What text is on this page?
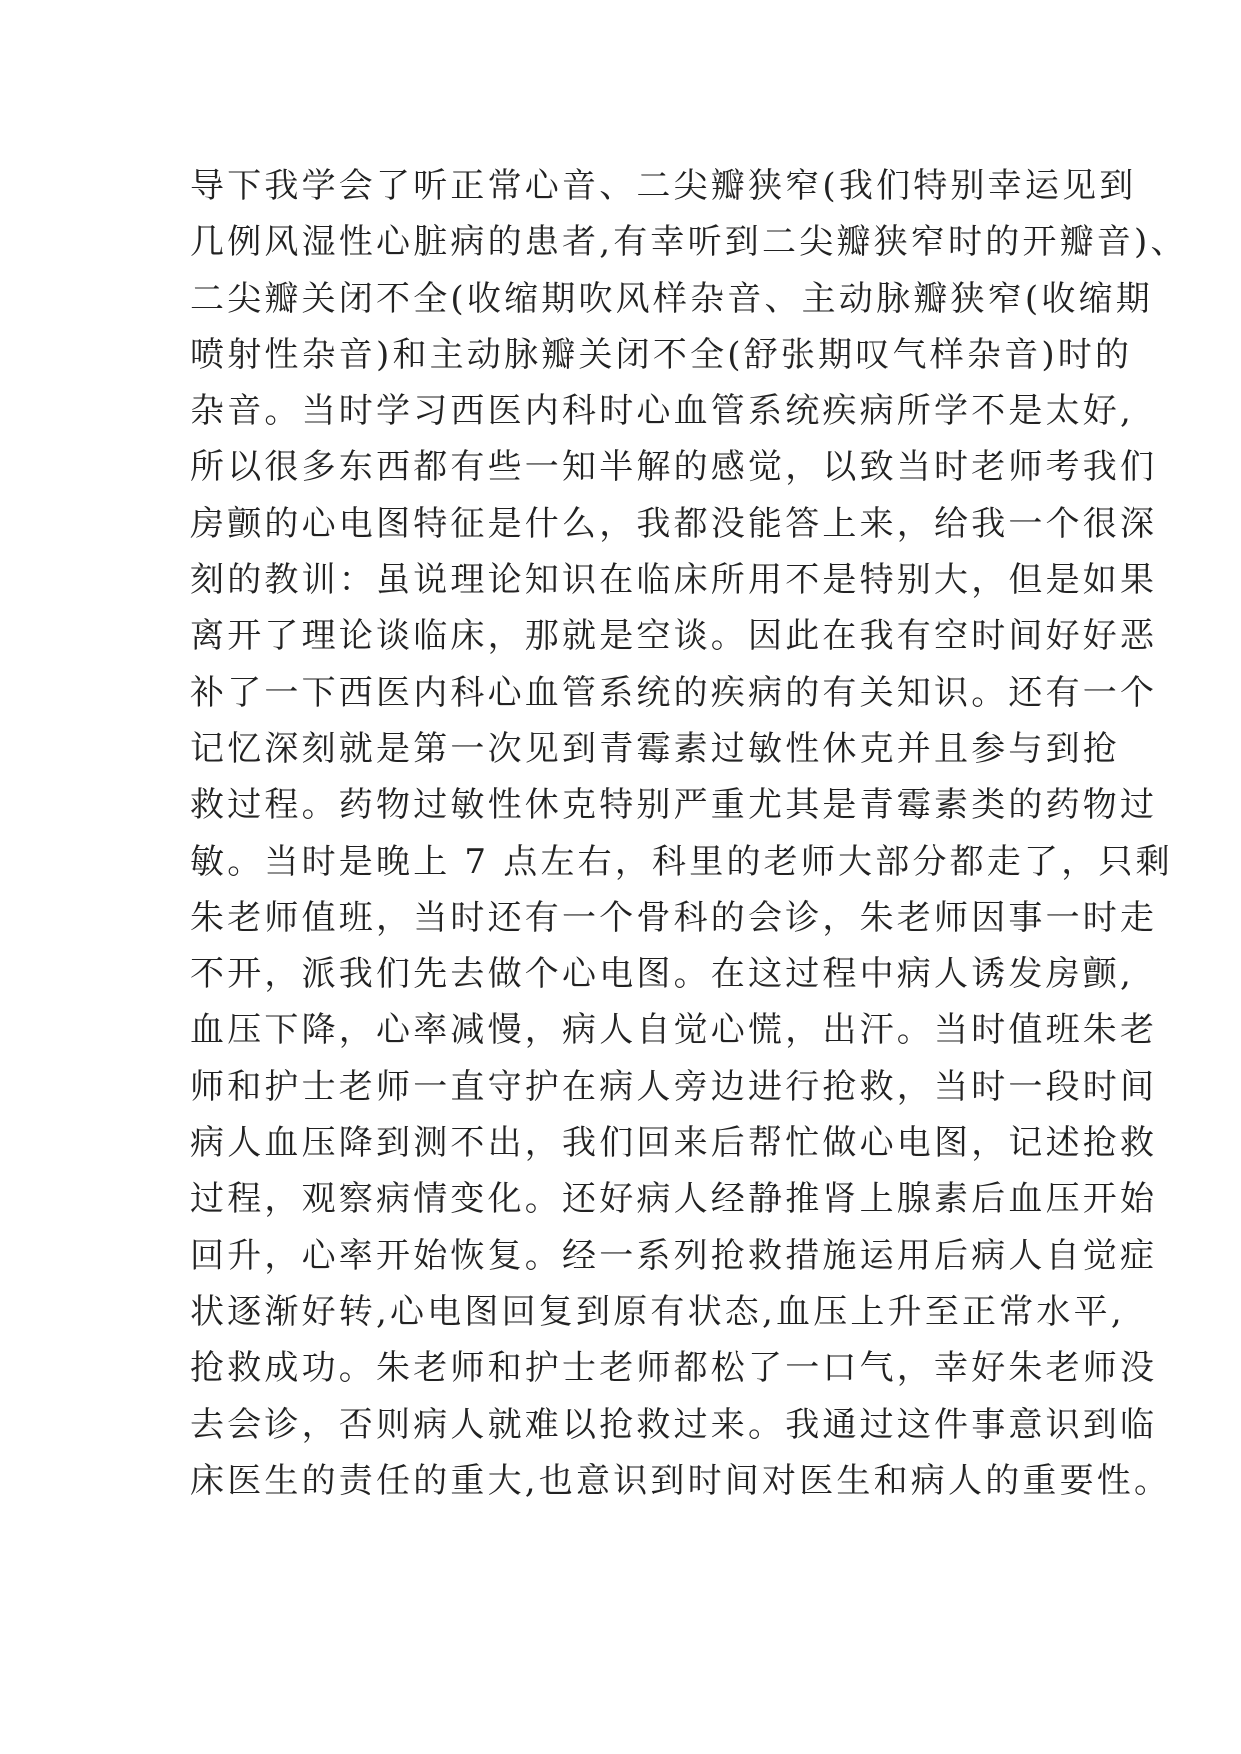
导下我学会了听正常心音、二尖瓣狭窄(我们特别幸运见到
几例风湿性心脏病的患者,有幸听到二尖瓣狭窄时的开瓣音)、
二尖瓣关闭不全(收缩期吹风样杂音、主动脉瓣狭窄(收缩期
喷射性杂音)和主动脉瓣关闭不全(舒张期叹气样杂音)时的
杂音。当时学习西医内科时心血管系统疾病所学不是太好,
所以很多东西都有些一知半解的感觉，以致当时老师考我们
房颤的心电图特征是什么，我都没能答上来，给我一个很深
刻的教训：虽说理论知识在临床所用不是特别大，但是如果
离开了理论谈临床，那就是空谈。因此在我有空时间好好恶
补了一下西医内科心血管系统的疾病的有关知识。还有一个
记忆深刻就是第一次见到青霉素过敏性休克并且参与到抢
救过程。药物过敏性休克特别严重尤其是青霉素类的药物过
敏。当时是晚上 7 点左右，科里的老师大部分都走了，只剩
朱老师值班，当时还有一个骨科的会诊，朱老师因事一时走
不开，派我们先去做个心电图。在这过程中病人诱发房颤,
血压下降，心率减慢，病人自觉心慌，出汗。当时值班朱老
师和护士老师一直守护在病人旁边进行抢救，当时一段时间
病人血压降到测不出，我们回来后帮忙做心电图，记述抢救
过程，观察病情变化。还好病人经静推肾上腺素后血压开始
回升，心率开始恢复。经一系列抢救措施运用后病人自觉症
状逐渐好转,心电图回复到原有状态,血压上升至正常水平,
抢救成功。朱老师和护士老师都松了一口气，幸好朱老师没
去会诊，否则病人就难以抢救过来。我通过这件事意识到临
床医生的责任的重大,也意识到时间对医生和病人的重要性。
